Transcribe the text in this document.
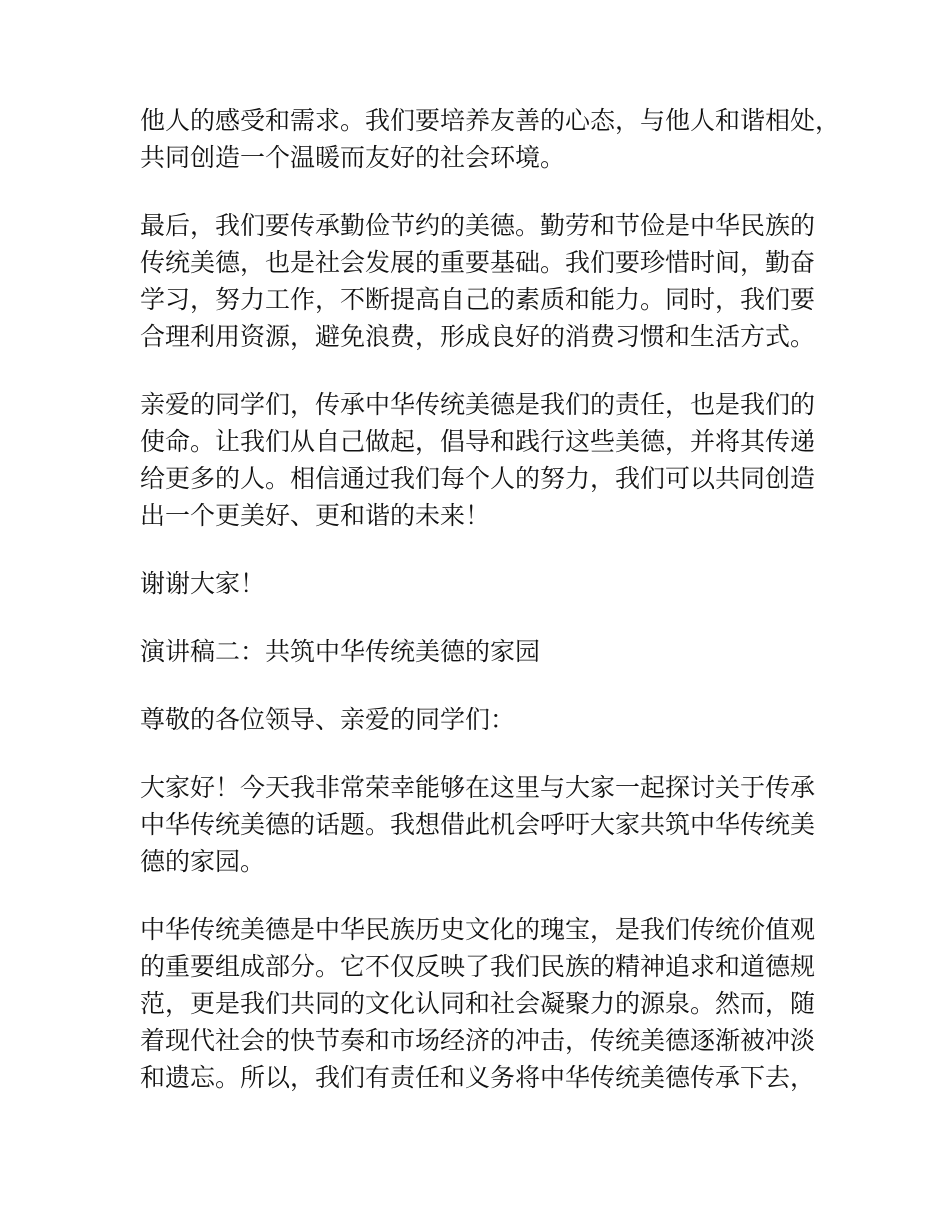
他人的感受和需求。我们要培养友善的心态，与他人和谐相处，
共同创造一个温暖而友好的社会环境。

最后，我们要传承勤俭节约的美德。勤劳和节俭是中华民族的
传统美德，也是社会发展的重要基础。我们要珍惜时间，勤奋
学习，努力工作，不断提高自己的素质和能力。同时，我们要
合理利用资源，避免浪费，形成良好的消费习惯和生活方式。

亲爱的同学们，传承中华传统美德是我们的责任，也是我们的
使命。让我们从自己做起，倡导和践行这些美德，并将其传递
给更多的人。相信通过我们每个人的努力，我们可以共同创造
出一个更美好、更和谐的未来！

谢谢大家！

演讲稿二：共筑中华传统美德的家园

尊敬的各位领导、亲爱的同学们：

大家好！今天我非常荣幸能够在这里与大家一起探讨关于传承
中华传统美德的话题。我想借此机会呼吁大家共筑中华传统美
德的家园。

中华传统美德是中华民族历史文化的瑰宝，是我们传统价值观
的重要组成部分。它不仅反映了我们民族的精神追求和道德规
范，更是我们共同的文化认同和社会凝聚力的源泉。然而，随
着现代社会的快节奏和市场经济的冲击，传统美德逐渐被冲淡
和遗忘。所以，我们有责任和义务将中华传统美德传承下去，
